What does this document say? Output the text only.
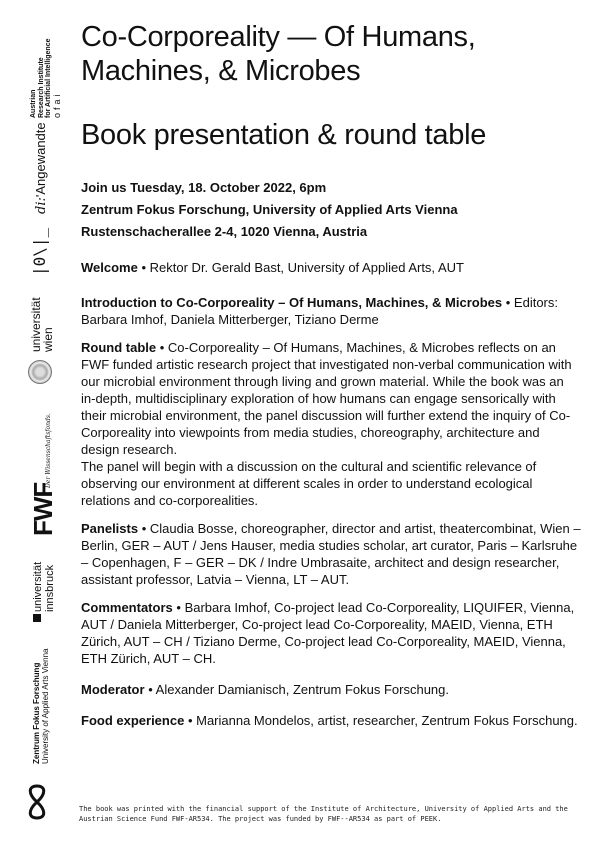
Austrian Research Institute for Artificial Intelligence ofai
di:'Angewandte
|0\|_
universität
wien
Der Wissenschaftsfonds.
FWF
universität innsbruck
Zentrum Fokus Forschung University of Applied Arts Vienna
Co-Corporeality — Of Humans, Machines, & Microbes
Book presentation & round table
Join us Tuesday, 18. October 2022, 6pm
Zentrum Fokus Forschung, University of Applied Arts Vienna
Rustenschacherallee 2-4, 1020 Vienna, Austria
Welcome • Rektor Dr. Gerald Bast, University of Applied Arts, AUT
Introduction to Co-Corporeality – Of Humans, Machines, & Microbes • Editors: Barbara Imhof, Daniela Mitterberger, Tiziano Derme

Round table • Co-Corporeality – Of Humans, Machines, & Microbes reflects on an FWF funded artistic research project that investigated non-verbal communication with our microbial environment through living and grown material. While the book was an in-depth, multidisciplinary exploration of how humans can engage sensorically with their microbial environment, the panel discussion will further extend the inquiry of Co-Corporeality into viewpoints from media studies, choreography, architecture and design research.

The panel will begin with a discussion on the cultural and scientific relevance of observing our environment at different scales in order to understand ecological relations and co-corporealities.

Panelists • Claudia Bosse, choreographer, director and artist, theatercombinat, Wien – Berlin, GER – AUT / Jens Hauser, media studies scholar, art curator, Paris – Karlsruhe – Copenhagen, F – GER – DK / Indre Umbrasaite, architect and design researcher, assistant professor, Latvia – Vienna, LT – AUT.
Commentators • Barbara Imhof, Co-project lead Co-Corporeality, LIQUIFER, Vienna, AUT / Daniela Mitterberger, Co-project lead Co-Corporeality, MAEID, Vienna, ETH Zürich, AUT – CH / Tiziano Derme, Co-project lead Co-Corporeality, MAEID, Vienna, ETH Zürich, AUT – CH.
Moderator • Alexander Damianisch, Zentrum Fokus Forschung.
Food experience • Marianna Mondelos, artist, researcher, Zentrum Fokus Forschung.
The book was printed with the financial support of the Institute of Architecture, University of Applied Arts and the Austrian Science Fund FWF-AR534. The project was funded by FWF--AR534 as part of PEEK.
